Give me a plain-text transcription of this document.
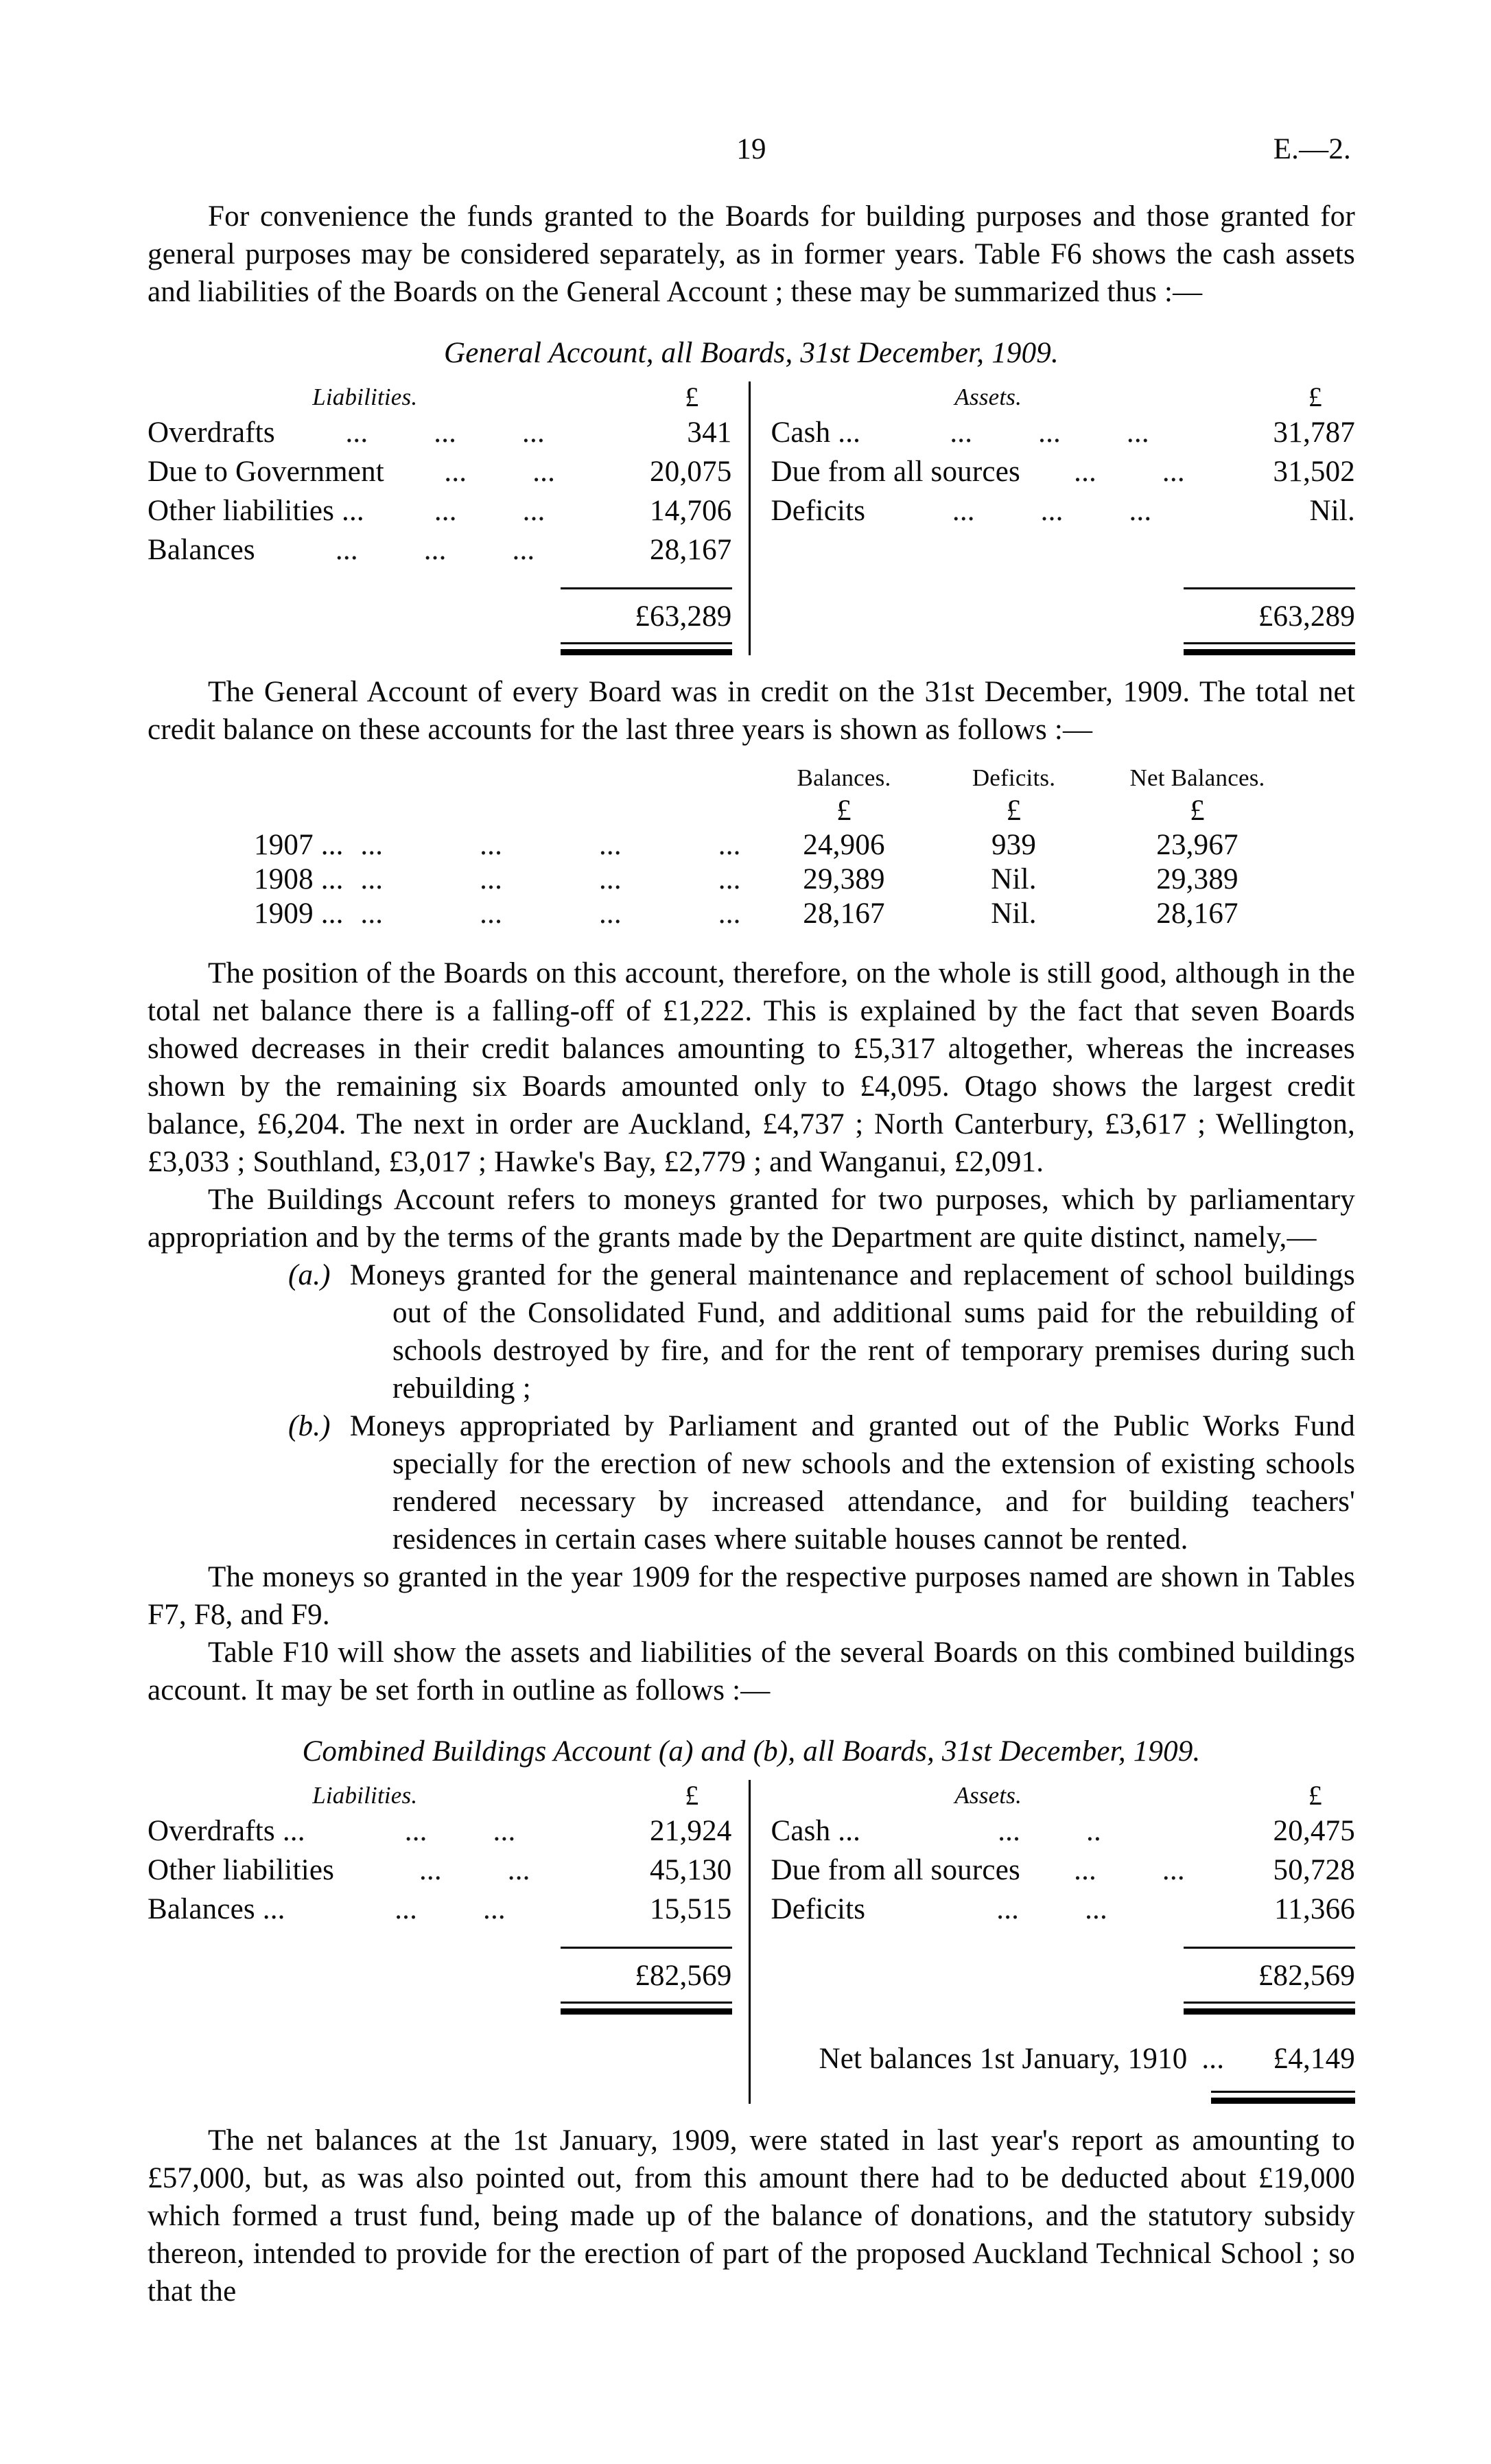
19	E.—2.

For convenience the funds granted to the Boards for building purposes and those granted for general purposes may be considered separately, as in former years. Table F6 shows the cash assets and liabilities of the Boards on the General Account ; these may be summarized thus :—

General Account, all Boards, 31st December, 1909.
Liabilities.	£
Overdrafts	... ... ...	341
Due to Government	... ...	20,075
Other liabilities ...	... ...	14,706
Balances	... ... ...	28,167
£63,289
Assets.	£
Cash ...	... ... ...	31,787
Due from all sources	... ...	31,502
Deficits	... ... ...	Nil.

£63,289

The General Account of every Board was in credit on the 31st December, 1909. The total net credit balance on these accounts for the last three years is shown as follows :—

Balances.	Deficits.	Net Balances.
£	£	£
1907 ... ... ... ... ...	24,906	939	23,967
1908 ... ... ... ... ...	29,389	Nil.	29,389
1909 ... ... ... ... ...	28,167	Nil.	28,167

The position of the Boards on this account, therefore, on the whole is still good, although in the total net balance there is a falling-off of £1,222. This is explained by the fact that seven Boards showed decreases in their credit balances amounting to £5,317 altogether, whereas the increases shown by the remaining six Boards amounted only to £4,095. Otago shows the largest credit balance, £6,204. The next in order are Auckland, £4,737 ; North Canterbury, £3,617 ; Wellington, £3,033 ; Southland, £3,017 ; Hawke's Bay, £2,779 ; and Wanganui, £2,091.

The Buildings Account refers to moneys granted for two purposes, which by parliamentary appropriation and by the terms of the grants made by the Department are quite distinct, namely,—

(a.) Moneys granted for the general maintenance and replacement of school buildings out of the Consolidated Fund, and additional sums paid for the rebuilding of schools destroyed by fire, and for the rent of temporary premises during such rebuilding ;
(b.) Moneys appropriated by Parliament and granted out of the Public Works Fund specially for the erection of new schools and the extension of existing schools rendered necessary by increased attendance, and for building teachers' residences in certain cases where suitable houses cannot be rented.

The moneys so granted in the year 1909 for the respective purposes named are shown in Tables F7, F8, and F9.

Table F10 will show the assets and liabilities of the several Boards on this combined buildings account. It may be set forth in outline as follows :—

Combined Buildings Account (a) and (b), all Boards, 31st December, 1909.
Liabilities.	£
Overdrafts ...	... ...	21,924
Other liabilities	... ...	45,130
Balances ...	... ...	15,515
£82,569
Assets.	£
Cash ...	... ..	20,475
Due from all sources	... ...	50,728
Deficits	... ...	11,366
£82,569
Net balances 1st January, 1910 ...	£4,149

The net balances at the 1st January, 1909, were stated in last year's report as amounting to £57,000, but, as was also pointed out, from this amount there had to be deducted about £19,000 which formed a trust fund, being made up of the balance of donations, and the statutory subsidy thereon, intended to provide for the erection of part of the proposed Auckland Technical School ; so that the
